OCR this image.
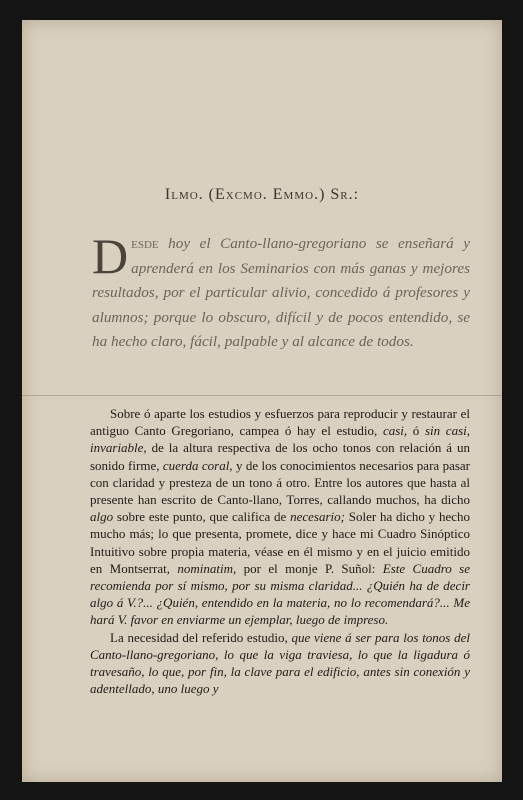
Ilmo. (Excmo. Emmo.) Sr.:
Desde hoy el Canto-llano-gregoriano se enseñará y aprenderá en los Seminarios con más ganas y mejores resultados, por el particular alivio, concedido á profesores y alumnos; porque lo obscuro, difícil y de pocos entendido, se ha hecho claro, fácil, palpable y al alcance de todos.

Sobre ó aparte los estudios y esfuerzos para reproducir y restaurar el antiguo Canto Gregoriano, campea ó hay el estudio, casi, ó sin casi, invariable, de la altura respectiva de los ocho tonos con relación á un sonido firme, cuerda coral, y de los conocimientos necesarios para pasar con claridad y presteza de un tono á otro. Entre los autores que hasta al presente han escrito de Canto-llano, Torres, callando muchos, ha dicho algo sobre este punto, que califica de necesario; Soler ha dicho y hecho mucho más; lo que presenta, promete, dice y hace mi Cuadro Sinóptico Intuitivo sobre propia materia, véase en él mismo y en el juicio emitido en Montserrat, nominatim, por el monje P. Suñol: Este Cuadro se recomienda por sí mismo, por su misma claridad... ¿Quién ha de decir algo á V.?... ¿Quién, entendido en la materia, no lo recomendará?... Me hará V. favor en enviarme un ejemplar, luego de impreso.

La necesidad del referido estudio, que viene á ser para los tonos del Canto-llano-gregoriano, lo que la viga traviesa, lo que la ligadura ó travesaño, lo que, por fin, la clave para el edificio, antes sin conexión y adentellado, uno luego y
